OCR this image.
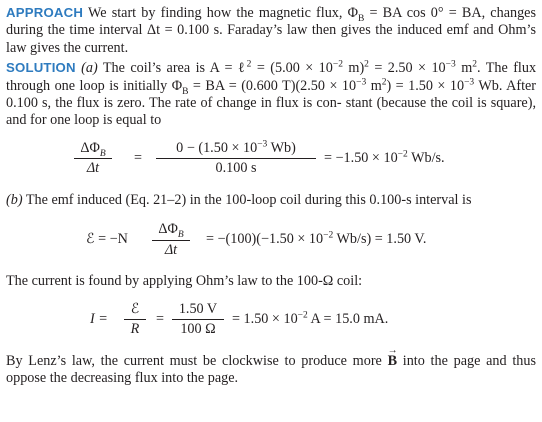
APPROACH We start by finding how the magnetic flux, $\Phi_B$ = BA cos 0° = BA, changes during the time interval Δt = 0.100 s. Faraday’s law then gives the induced emf and Ohm’s law gives the current.
SOLUTION (a) The coil’s area is A = ℓ$^2$ = ($5.00 \times 10^{-2}$ $m)^2 = 2.50 \times 10^{-3}$ $m^2$. The flux through one loop is initially $\Phi_B$ = BA = (0.600 $T)(2.50 \times 10^{-3}$ $m^2) = 1.50 \times 10^{-3}$ Wb. After 0.100 s, the flux is zero. The rate of change in flux is con- stant (because the coil is square), and for one loop is equal to
$\Delta\Phi_B$
Δt
=
$0 - (1.50 \times 10^{-3}$ Wb)
0.100 s
= $-1.50 \times 10^{-2}$ Wb/s.
(b) The emf induced (Eq. 21–2) in the 100-loop coil during this 0.100-s interval is
ℰ = −N
$\Delta\Phi_B$
Δt
= $-(100)(-1.50 \times 10^{-2}$ Wb/s) = 1.50 V.
The current is found by applying Ohm’s law to the 100-Ω coil:
I =
ℰ
R
=
1.50 V
100 Ω
= $1.50 \times 10^{-2}$ A = 15.0 mA.
By Lenz’s law, the current must be clockwise to produce more → B into the page and thus oppose the decreasing flux into the page.
